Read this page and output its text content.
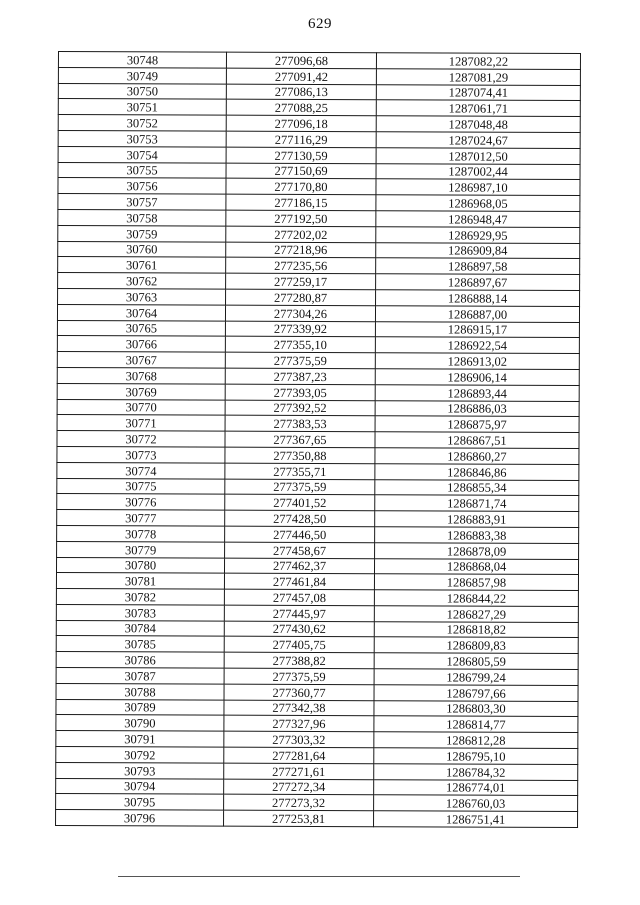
629
30748	277096,68	1287082,22
30749	277091,42	1287081,29
30750	277086,13	1287074,41
30751	277088,25	1287061,71
30752	277096,18	1287048,48
30753	277116,29	1287024,67
30754	277130,59	1287012,50
30755	277150,69	1287002,44
30756	277170,80	1286987,10
30757	277186,15	1286968,05
30758	277192,50	1286948,47
30759	277202,02	1286929,95
30760	277218,96	1286909,84
30761	277235,56	1286897,58
30762	277259,17	1286897,67
30763	277280,87	1286888,14
30764	277304,26	1286887,00
30765	277339,92	1286915,17
30766	277355,10	1286922,54
30767	277375,59	1286913,02
30768	277387,23	1286906,14
30769	277393,05	1286893,44
30770	277392,52	1286886,03
30771	277383,53	1286875,97
30772	277367,65	1286867,51
30773	277350,88	1286860,27
30774	277355,71	1286846,86
30775	277375,59	1286855,34
30776	277401,52	1286871,74
30777	277428,50	1286883,91
30778	277446,50	1286883,38
30779	277458,67	1286878,09
30780	277462,37	1286868,04
30781	277461,84	1286857,98
30782	277457,08	1286844,22
30783	277445,97	1286827,29
30784	277430,62	1286818,82
30785	277405,75	1286809,83
30786	277388,82	1286805,59
30787	277375,59	1286799,24
30788	277360,77	1286797,66
30789	277342,38	1286803,30
30790	277327,96	1286814,77
30791	277303,32	1286812,28
30792	277281,64	1286795,10
30793	277271,61	1286784,32
30794	277272,34	1286774,01
30795	277273,32	1286760,03
30796	277253,81	1286751,41
